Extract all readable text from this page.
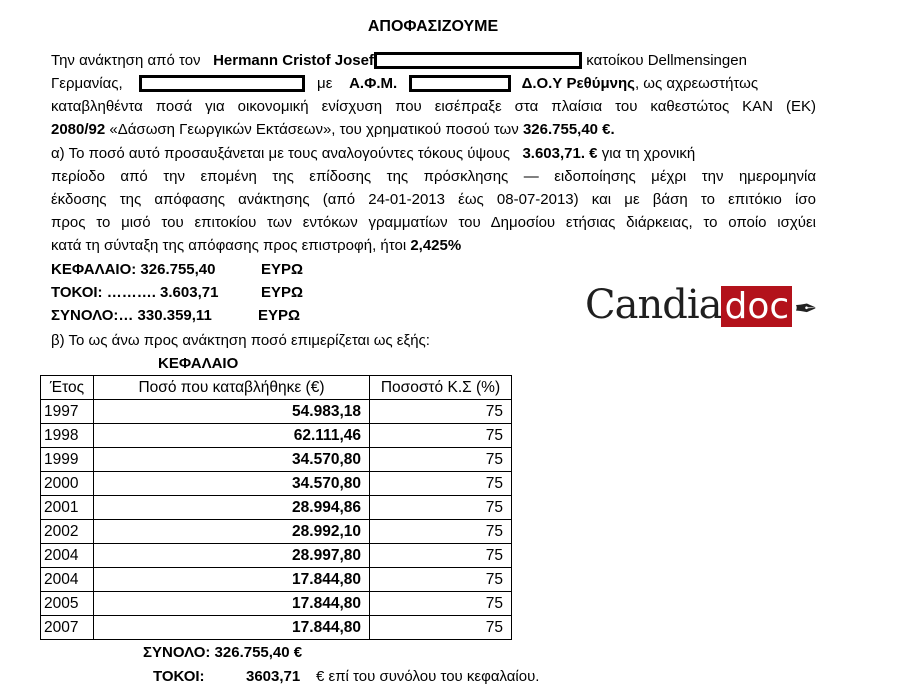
ΑΠΟΦΑΣΙΖΟΥΜΕ
Την ανάκτηση από τον Hermann Cristof Josef	κατοίκου Dellmensingen
Γερμανίας,	με Α.Φ.Μ.	Δ.Ο.Υ Ρεθύμνης, ως αχρεωστήτως
καταβληθέντα ποσά για οικονομική ενίσχυση που εισέπραξε στα πλαίσια του καθεστώτος ΚΑΝ (ΕΚ)
2080/92 «Δάσωση Γεωργικών Εκτάσεων», του χρηματικού ποσού των 326.755,40 €.
α) Το ποσό αυτό προσαυξάνεται με τους αναλογούντες τόκους ύψους 3.603,71. € για τη χρονική
περίοδο από την επομένη της επίδοσης της πρόσκλησης — ειδοποίησης μέχρι την ημερομηνία
έκδοσης της απόφασης ανάκτησης (από 24-01-2013 έως 08-07-2013) και με βάση το επιτόκιο ίσο
προς το μισό του επιτοκίου των εντόκων γραμματίων του Δημοσίου ετήσιας διάρκειας, το οποίο ισχύει
κατά τη σύνταξη της απόφασης προς επιστροφή, ήτοι 2,425%
ΚΕΦΑΛΑΙΟ: 326.755,40	ΕΥΡΩ
ΤΟΚΟΙ: ………. 3.603,71	ΕΥΡΩ
ΣΥΝΟΛΟ:… 330.359,11	ΕΥΡΩ	Candiadoc ✒
β) Το ως άνω προς ανάκτηση ποσό επιμερίζεται ως εξής:
ΚΕΦΑΛΑΙΟ
Έτος	Ποσό που καταβλήθηκε (€)	Ποσοστό Κ.Σ (%)
1997	54.983,18	75
1998	62.111,46	75
1999	34.570,80	75
2000	34.570,80	75
2001	28.994,86	75
2002	28.992,10	75
2004	28.997,80	75
2004	17.844,80	75
2005	17.844,80	75
2007	17.844,80	75
ΣΥΝΟΛΟ: 326.755,40 €
ΤΟΚΟΙ:	3603,71 € επί του συνόλου του κεφαλαίου.
